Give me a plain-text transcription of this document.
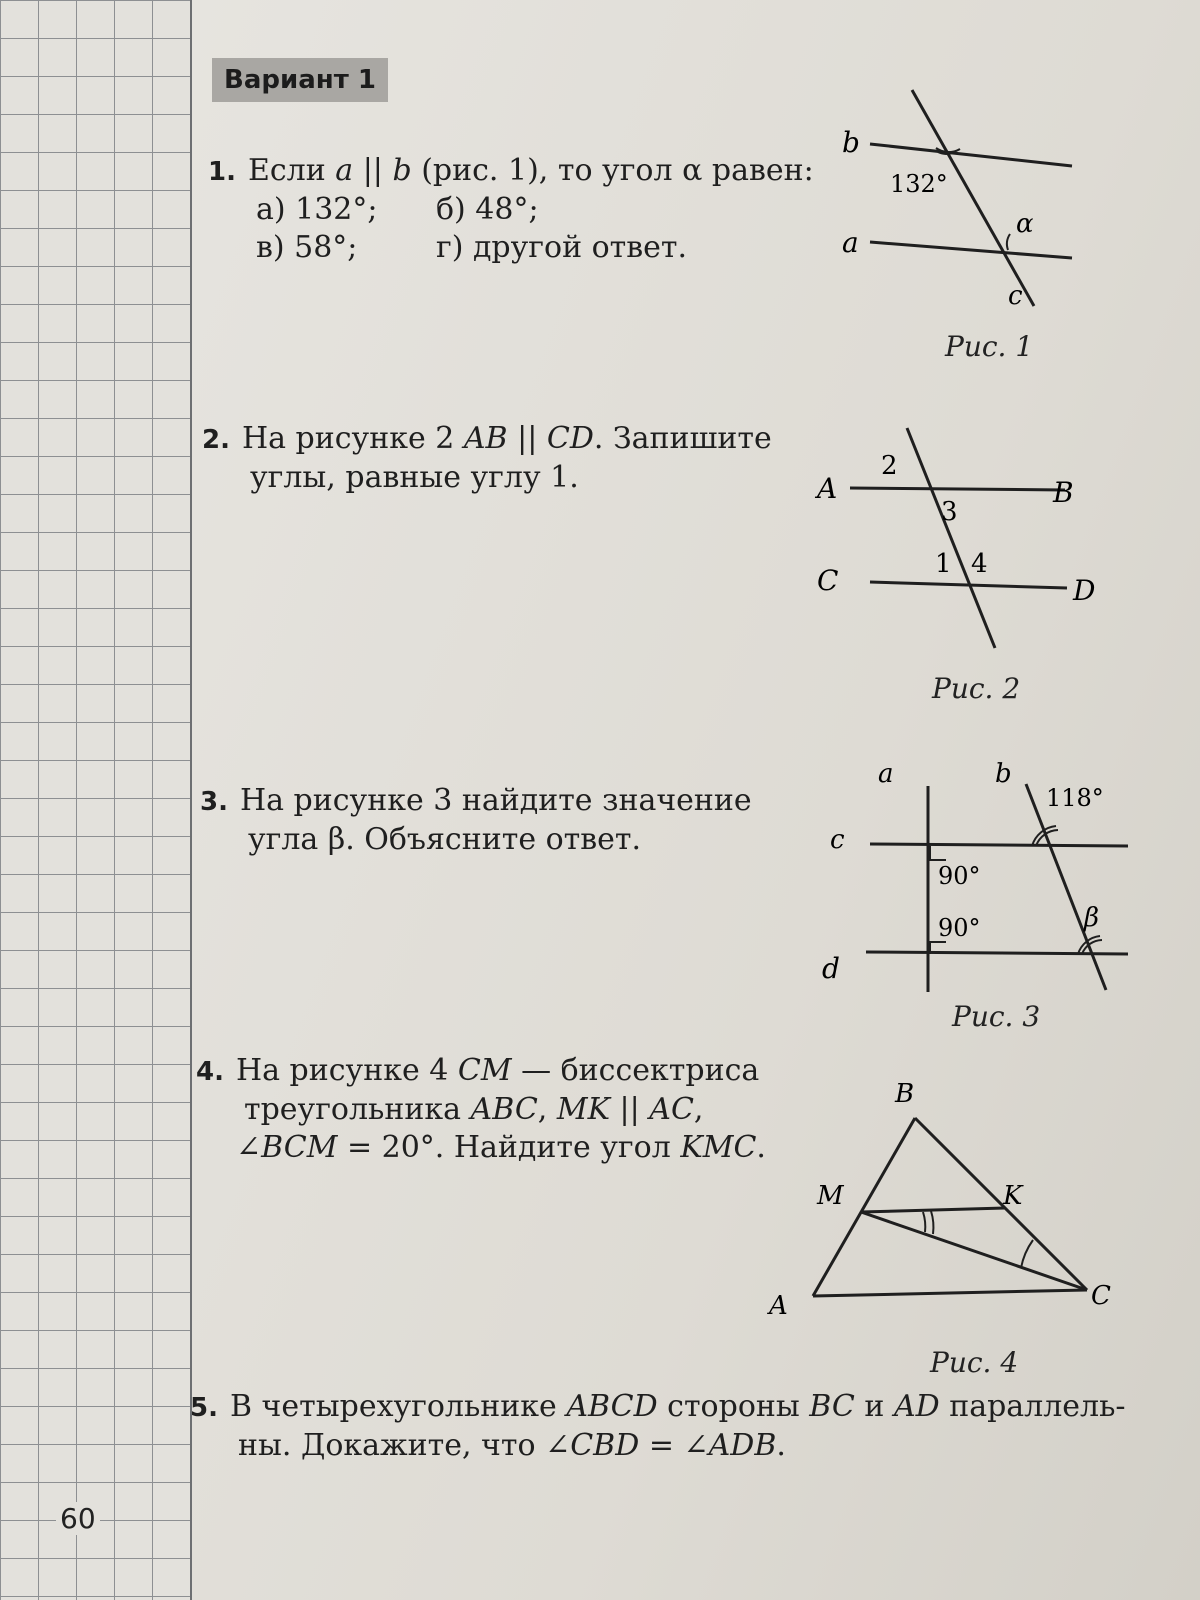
Вариант 1
1. Если a || b (рис. 1), то угол α равен:
а) 132°; б) 48°;
в) 58°;	г) другой ответ.
b
132°
α
a
c
Рис. 1
2. На рисунке 2 AB || CD. Запишите
углы, равные углу 1.	A
2
3
B
C	1 4
D
Рис. 2
3. На рисунке 3 найдите значение
угла β. Объясните ответ.
a	b
118°
c
90°
90°	β
d
Рис. 3
4. На рисунке 4 CM — биссектриса
треугольника ABC, MK || AC,
∠BCM = 20°. Найдите угол KMC.
B
M	K
A	C
Рис. 4
5. В четырехугольнике ABCD стороны BC и AD параллель-
ны. Докажите, что ∠CBD = ∠ADB.
60
